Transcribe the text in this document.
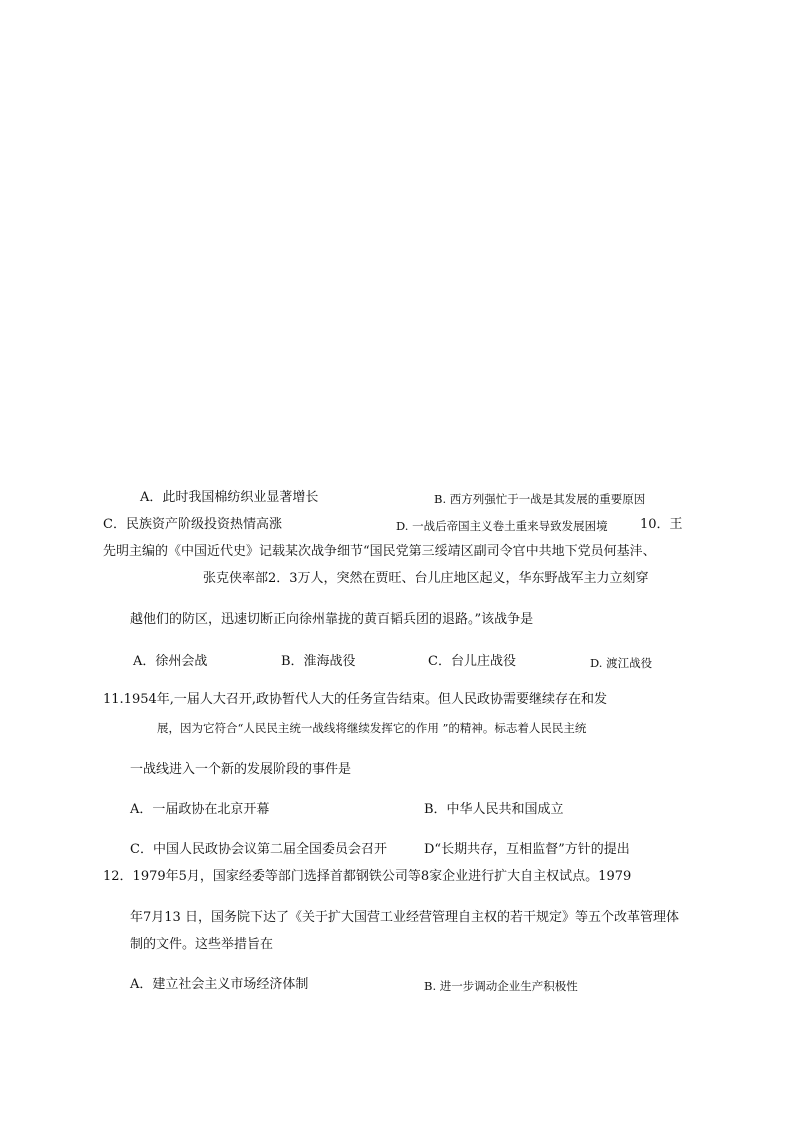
A．此时我国棉纺织业显著增长	B. 西方列强忙于一战是其发展的重要原因
C．民族资产阶级投资热情高涨	D. 一战后帝国主义卷土重来导致发展困境 10．王
先明主编的《中国近代史》记载某次战争细节“国民党第三绥靖区副司令官中共地下党员何基沣、
张克侠率部2．3万人，突然在贾旺、台儿庄地区起义，华东野战军主力立刻穿
越他们的防区，迅速切断正向徐州靠拢的黄百韬兵团的退路。”该战争是
A．徐州会战	B．淮海战役	C．台儿庄战役	D. 渡江战役
11.1954年,一届人大召开,政协暂代人大的任务宣告结束。但人民政协需要继续存在和发
展，因为它符合“人民民主统一战线将继续发挥它的作用 ”的精神。标志着人民民主统
一战线进入一个新的发展阶段的事件是
A．一届政协在北京开幕	B．中华人民共和国成立
C．中国人民政协会议第二届全国委员会召开	D“长期共存，互相监督”方针的提出
12．1979年5月，国家经委等部门选择首都钢铁公司等8家企业进行扩大自主权试点。1979
年7月13 日，国务院下达了《关于扩大国营工业经营管理自主权的若干规定》等五个改革管理体
制的文件。这些举措旨在
A．建立社会主义市场经济体制	B. 进一步调动企业生产积极性
